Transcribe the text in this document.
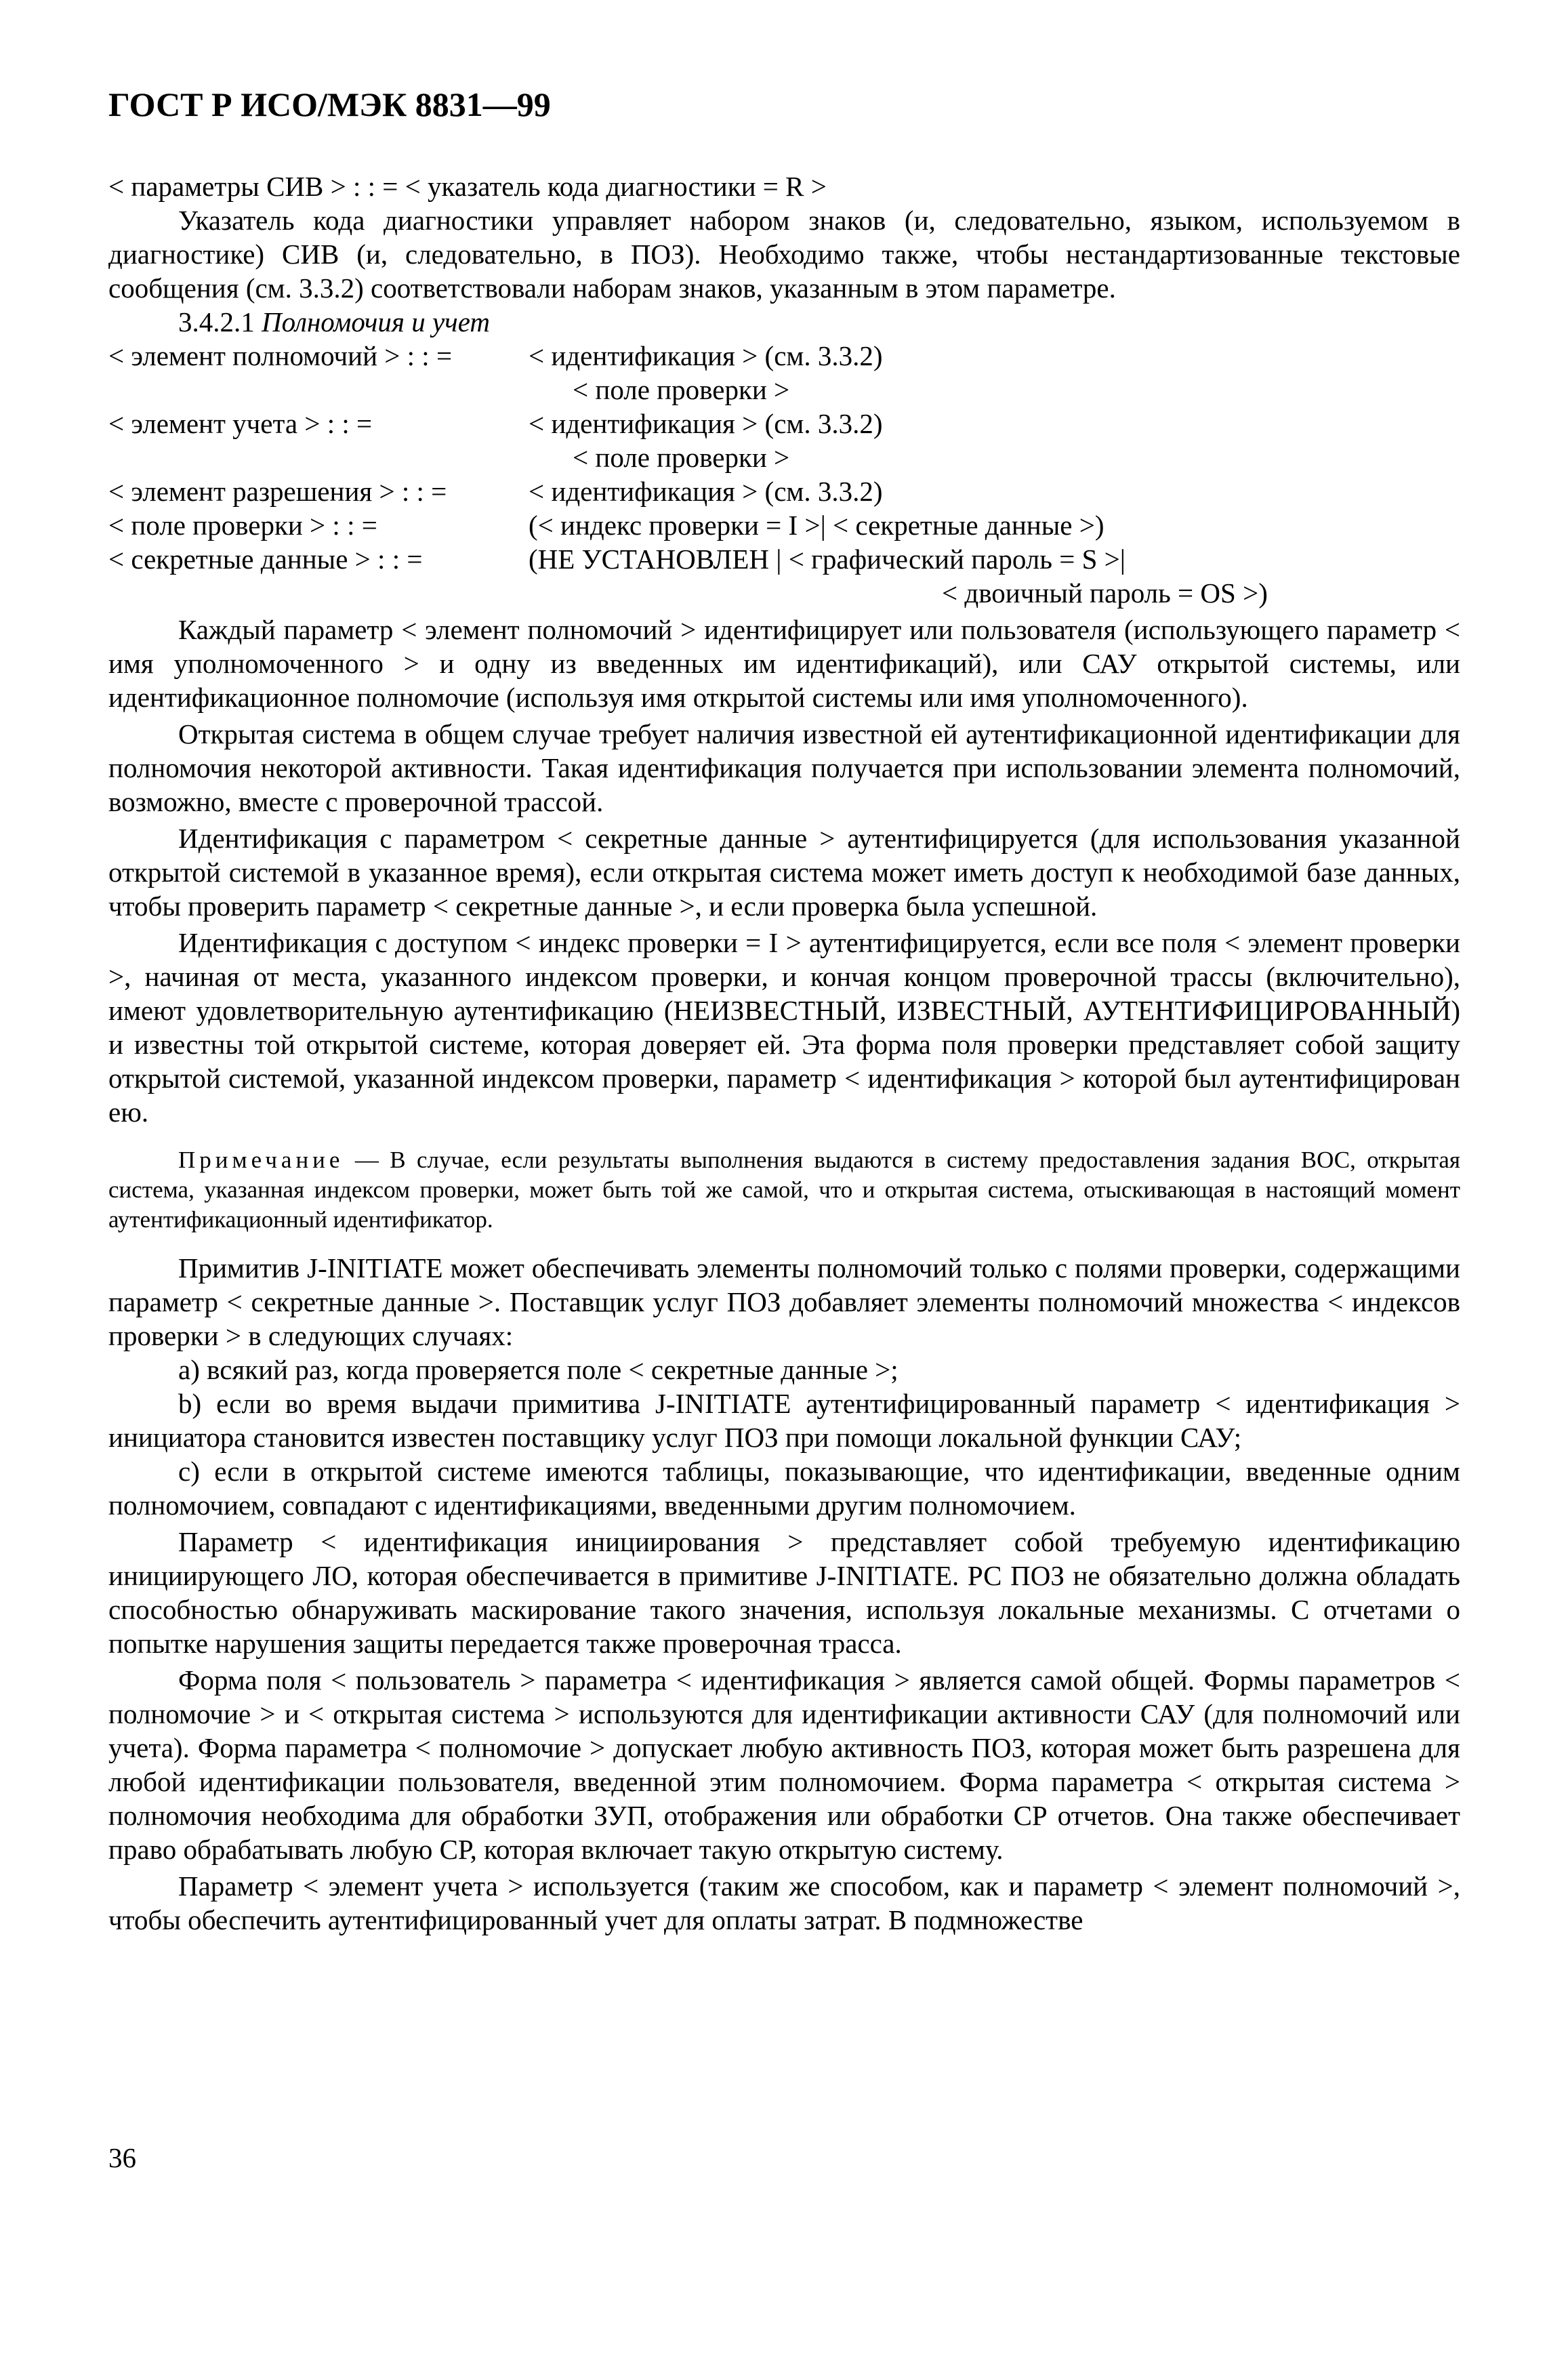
ГОСТ Р ИСО/МЭК 8831—99
< параметры СИВ > : : = < указатель кода диагностики = R >
Указатель кода диагностики управляет набором знаков (и, следовательно, языком, используемом в диагностике) СИВ (и, следовательно, в ПОЗ). Необходимо также, чтобы нестандартизованные текстовые сообщения (см. 3.3.2) соответствовали наборам знаков, указанным в этом параметре.
3.4.2.1 Полномочия и учет
< элемент полномочий > : : =	< идентификация > (см. 3.3.2)
< поле проверки >
< элемент учета > : : =	< идентификация > (см. 3.3.2)
< поле проверки >
< элемент разрешения > : : =	< идентификация > (см. 3.3.2)
< поле проверки > : : =	(< индекс проверки = I >| < секретные данные >)
< секретные данные > : : =	(НЕ УСТАНОВЛЕН | < графический пароль = S >|
< двоичный пароль = OS >)
Каждый параметр < элемент полномочий > идентифицирует или пользователя (использующего параметр < имя уполномоченного > и одну из введенных им идентификаций), или САУ открытой системы, или идентификационное полномочие (используя имя открытой системы или имя уполномоченного).
Открытая система в общем случае требует наличия известной ей аутентификационной идентификации для полномочия некоторой активности. Такая идентификация получается при использовании элемента полномочий, возможно, вместе с проверочной трассой.
Идентификация с параметром < секретные данные > аутентифицируется (для использования указанной открытой системой в указанное время), если открытая система может иметь доступ к необходимой базе данных, чтобы проверить параметр < секретные данные >, и если проверка была успешной.
Идентификация с доступом < индекс проверки = I > аутентифицируется, если все поля < элемент проверки >, начиная от места, указанного индексом проверки, и кончая концом проверочной трассы (включительно), имеют удовлетворительную аутентификацию (НЕИЗВЕСТНЫЙ, ИЗВЕСТНЫЙ, АУТЕНТИФИЦИРОВАННЫЙ) и известны той открытой системе, которая доверяет ей. Эта форма поля проверки представляет собой защиту открытой системой, указанной индексом проверки, параметр < идентификация > которой был аутентифицирован ею.
Примечание — В случае, если результаты выполнения выдаются в систему предоставления задания ВОС, открытая система, указанная индексом проверки, может быть той же самой, что и открытая система, отыскивающая в настоящий момент аутентификационный идентификатор.
Примитив J-INITIATE может обеспечивать элементы полномочий только с полями проверки, содержащими параметр < секретные данные >. Поставщик услуг ПОЗ добавляет элементы полномочий множества < индексов проверки > в следующих случаях:
а) всякий раз, когда проверяется поле < секретные данные >;
b) если во время выдачи примитива J-INITIATE аутентифицированный параметр < идентификация > инициатора становится известен поставщику услуг ПОЗ при помощи локальной функции САУ;
с) если в открытой системе имеются таблицы, показывающие, что идентификации, введенные одним полномочием, совпадают с идентификациями, введенными другим полномочием.
Параметр < идентификация инициирования > представляет собой требуемую идентификацию инициирующего ЛО, которая обеспечивается в примитиве J-INITIATE. РС ПОЗ не обязательно должна обладать способностью обнаруживать маскирование такого значения, используя локальные механизмы. С отчетами о попытке нарушения защиты передается также проверочная трасса.
Форма поля < пользователь > параметра < идентификация > является самой общей. Формы параметров < полномочие > и < открытая система > используются для идентификации активности САУ (для полномочий или учета). Форма параметра < полномочие > допускает любую активность ПОЗ, которая может быть разрешена для любой идентификации пользователя, введенной этим полномочием. Форма параметра < открытая система > полномочия необходима для обработки ЗУП, отображения или обработки СР отчетов. Она также обеспечивает право обрабатывать любую СР, которая включает такую открытую систему.
Параметр < элемент учета > используется (таким же способом, как и параметр < элемент полномочий >, чтобы обеспечить аутентифицированный учет для оплаты затрат. В подмножестве
36
